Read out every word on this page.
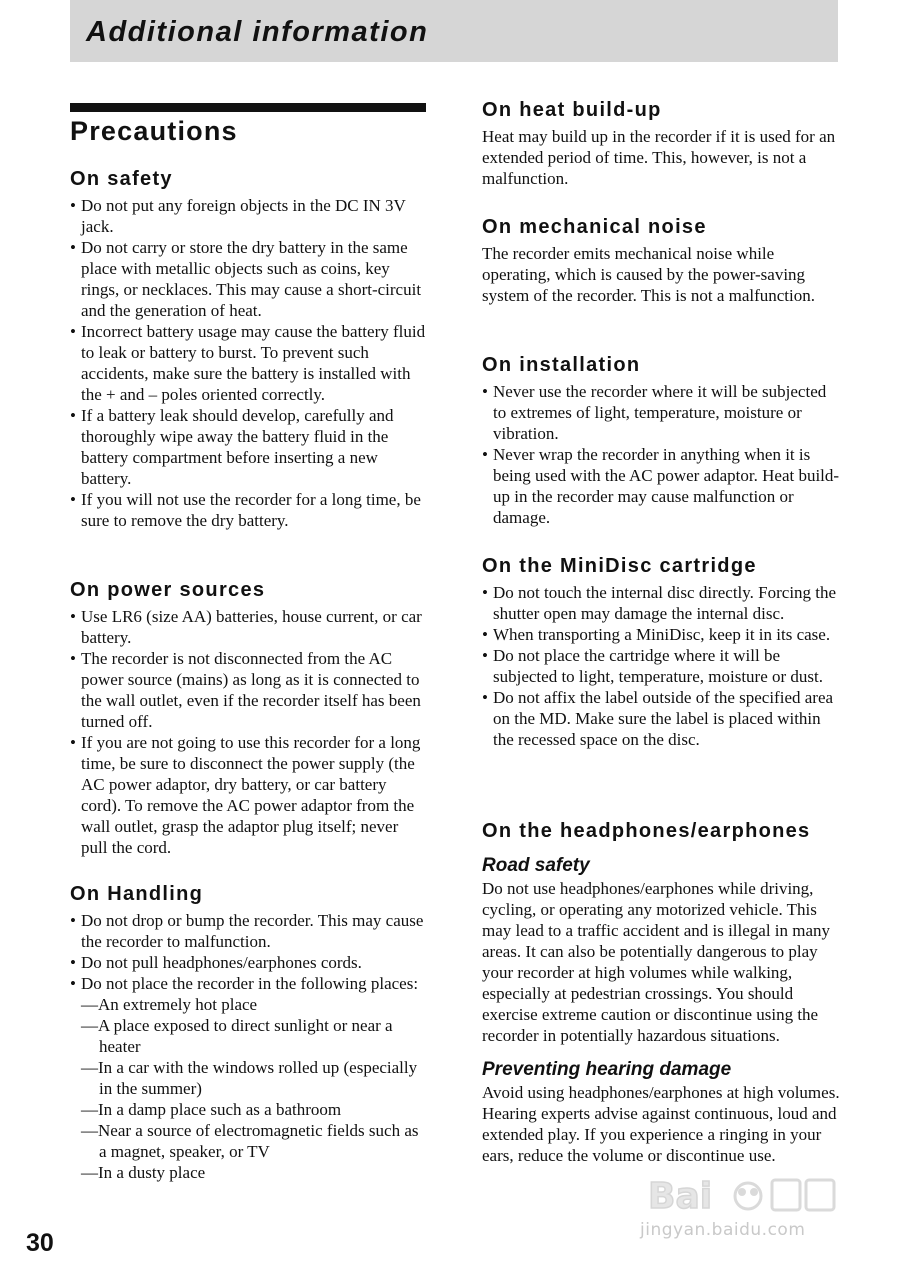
Additional information
Precautions
On safety
• Do not put any foreign objects in the DC IN 3V jack.
• Do not carry or store the dry battery in the same place with metallic objects such as coins, key rings, or necklaces. This may cause a short-circuit and the generation of heat.
• Incorrect battery usage may cause the battery fluid to leak or battery to burst. To prevent such accidents, make sure the battery is installed with the + and – poles oriented correctly.
• If a battery leak should develop, carefully and thoroughly wipe away the battery fluid in the battery compartment before inserting a new battery.
• If you will not use the recorder for a long time, be sure to remove the dry battery.
On power sources
• Use LR6 (size AA) batteries, house current, or car battery.
• The recorder is not disconnected from the AC power source (mains) as long as it is connected to the wall outlet, even if the recorder itself has been turned off.
• If you are not going to use this recorder for a long time, be sure to disconnect the power supply (the AC power adaptor, dry battery, or car battery cord). To remove the AC power adaptor from the wall outlet, grasp the adaptor plug itself; never pull the cord.
On Handling
• Do not drop or bump the recorder. This may cause the recorder to malfunction.
• Do not pull headphones/earphones cords.
• Do not place the recorder in the following places:
—An extremely hot place
—A place exposed to direct sunlight or near a heater
—In a car with the windows rolled up (especially in the summer)
—In a damp place such as a bathroom
—Near a source of electromagnetic fields such as a magnet, speaker, or TV
—In a dusty place
On heat build-up

Heat may build up in the recorder if it is used for an extended period of time. This, however, is not a malfunction.

On mechanical noise

The recorder emits mechanical noise while operating, which is caused by the power-saving system of the recorder. This is not a malfunction.

On installation
• Never use the recorder where it will be subjected to extremes of light, temperature, moisture or vibration.
• Never wrap the recorder in anything when it is being used with the AC power adaptor. Heat build-up in the recorder may cause malfunction or damage.
On the MiniDisc cartridge
• Do not touch the internal disc directly. Forcing the shutter open may damage the internal disc.
• When transporting a MiniDisc, keep it in its case.
• Do not place the cartridge where it will be subjected to light, temperature, moisture or dust.
• Do not affix the label outside of the specified area on the MD. Make sure the label is placed within the recessed space on the disc.
On the headphones/earphones
Road safety

Do not use headphones/earphones while driving, cycling, or operating any motorized vehicle. This may lead to a traffic accident and is illegal in many areas. It can also be potentially dangerous to play your recorder at high volumes while walking, especially at pedestrian crossings. You should exercise extreme caution or discontinue using the recorder in potentially hazardous situations.

Preventing hearing damage

Avoid using headphones/earphones at high volumes. Hearing experts advise against continuous, loud and extended play. If you experience a ringing in your ears, reduce the volume or discontinue use.

30
Bai
jingyan.baidu.com
